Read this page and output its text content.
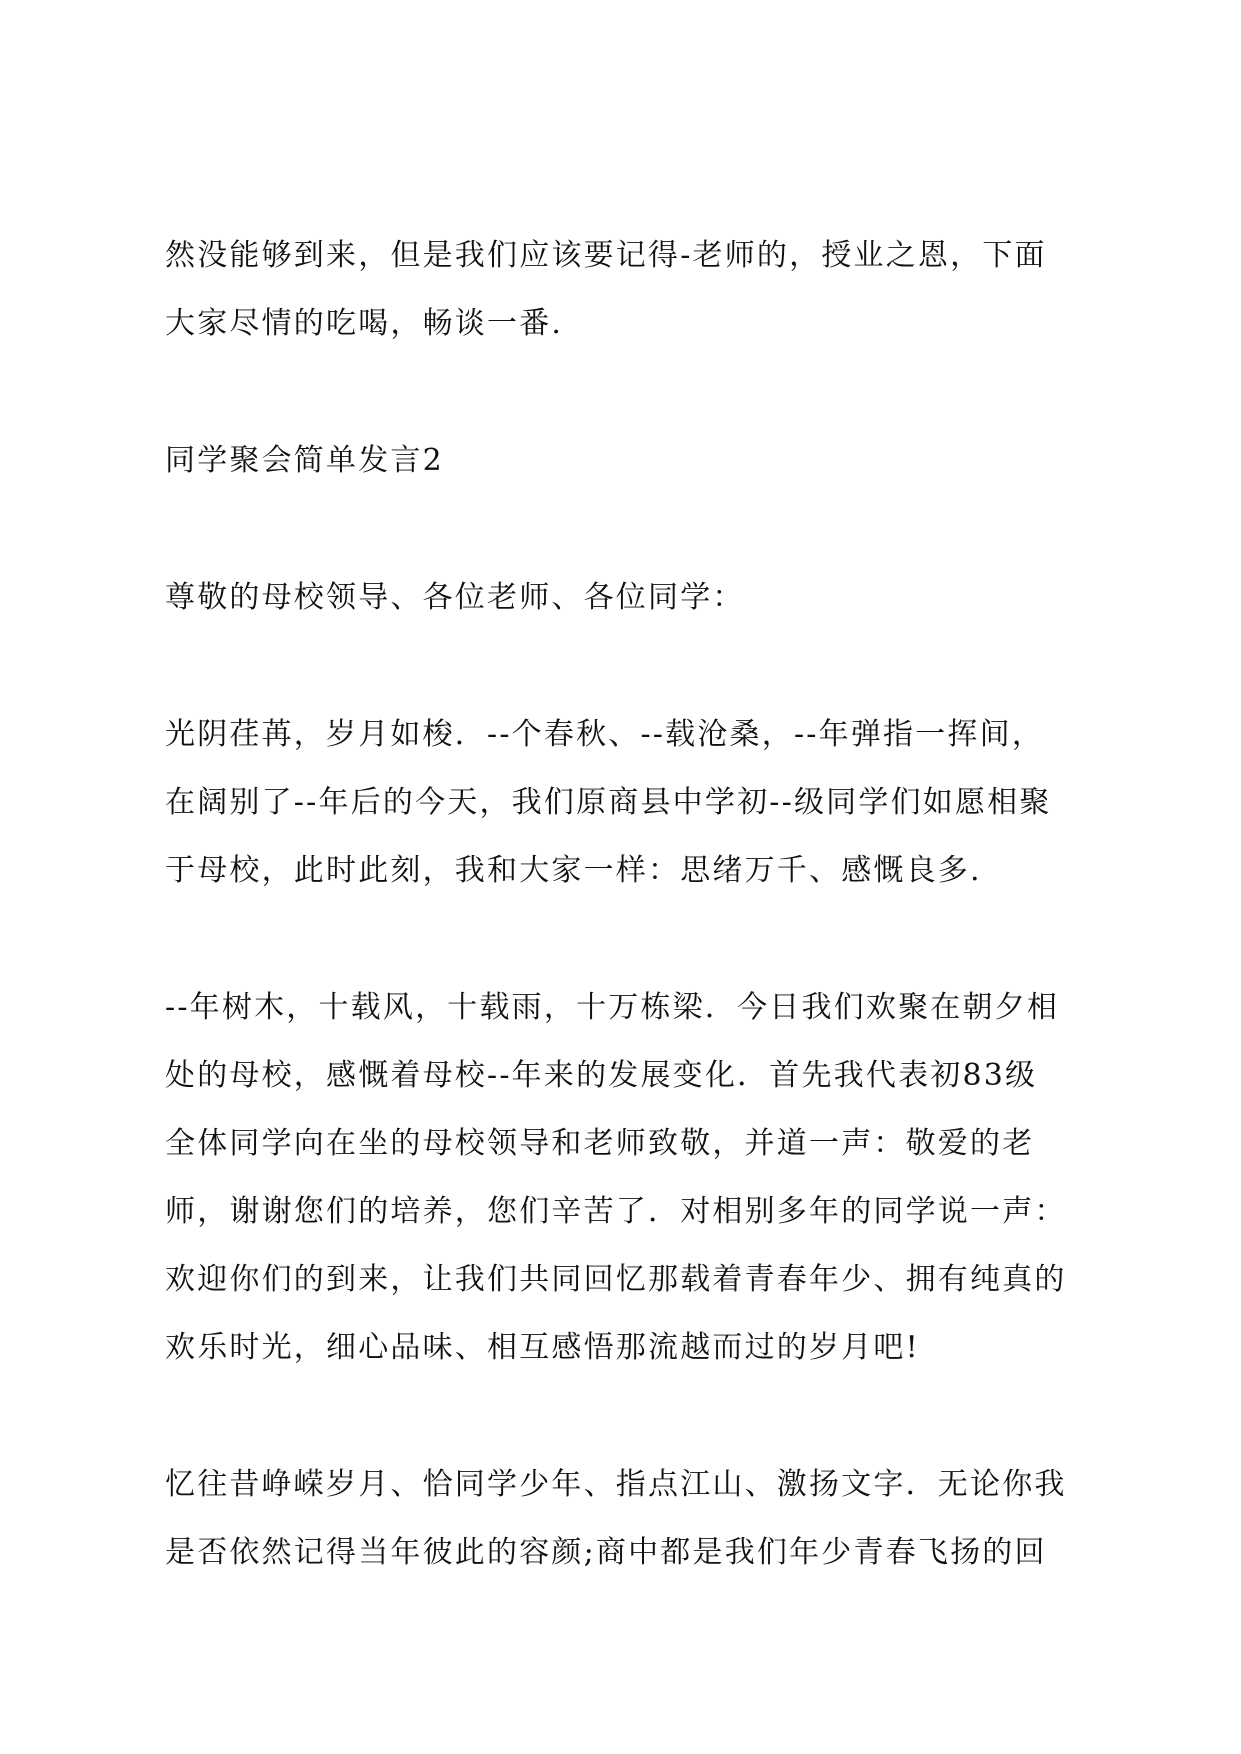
然没能够到来，但是我们应该要记得-老师的，授业之恩，下面
大家尽情的吃喝，畅谈一番.

同学聚会简单发言2

尊敬的母校领导、各位老师、各位同学：

光阴荏苒，岁月如梭．--个春秋、--载沧桑，--年弹指一挥间，
在阔别了--年后的今天，我们原商县中学初--级同学们如愿相聚
于母校，此时此刻，我和大家一样：思绪万千、感慨良多.

--年树木，十载风，十载雨，十万栋梁．今日我们欢聚在朝夕相
处的母校，感慨着母校--年来的发展变化．首先我代表初83级
全体同学向在坐的母校领导和老师致敬，并道一声：敬爱的老
师，谢谢您们的培养，您们辛苦了．对相别多年的同学说一声：
欢迎你们的到来，让我们共同回忆那载着青春年少、拥有纯真的
欢乐时光，细心品味、相互感悟那流越而过的岁月吧!

忆往昔峥嵘岁月、恰同学少年、指点江山、激扬文字．无论你我
是否依然记得当年彼此的容颜;商中都是我们年少青春飞扬的回
